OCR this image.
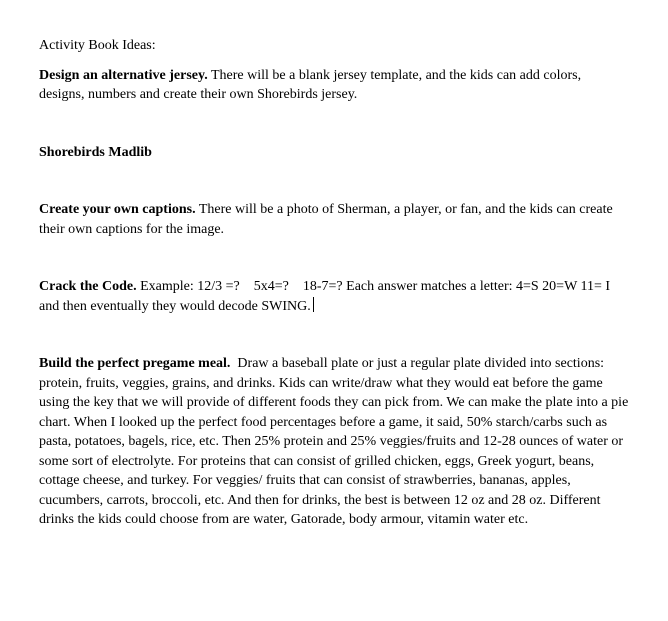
Activity Book Ideas:

Design an alternative jersey. There will be a blank jersey template, and the kids can add colors, designs, numbers and create their own Shorebirds jersey.

Shorebirds Madlib

Create your own captions. There will be a photo of Sherman, a player, or fan, and the kids can create their own captions for the image.

Crack the Code. Example: 12/3 =?    5x4=?    18-7=? Each answer matches a letter: 4=S 20=W 11= I and then eventually they would decode SWING.

Build the perfect pregame meal.  Draw a baseball plate or just a regular plate divided into sections: protein, fruits, veggies, grains, and drinks. Kids can write/draw what they would eat before the game using the key that we will provide of different foods they can pick from. We can make the plate into a pie chart. When I looked up the perfect food percentages before a game, it said, 50% starch/carbs such as pasta, potatoes, bagels, rice, etc. Then 25% protein and 25% veggies/fruits and 12-28 ounces of water or some sort of electrolyte. For proteins that can consist of grilled chicken, eggs, Greek yogurt, beans, cottage cheese, and turkey. For veggies/ fruits that can consist of strawberries, bananas, apples, cucumbers, carrots, broccoli, etc. And then for drinks, the best is between 12 oz and 28 oz. Different drinks the kids could choose from are water, Gatorade, body armour, vitamin water etc.
